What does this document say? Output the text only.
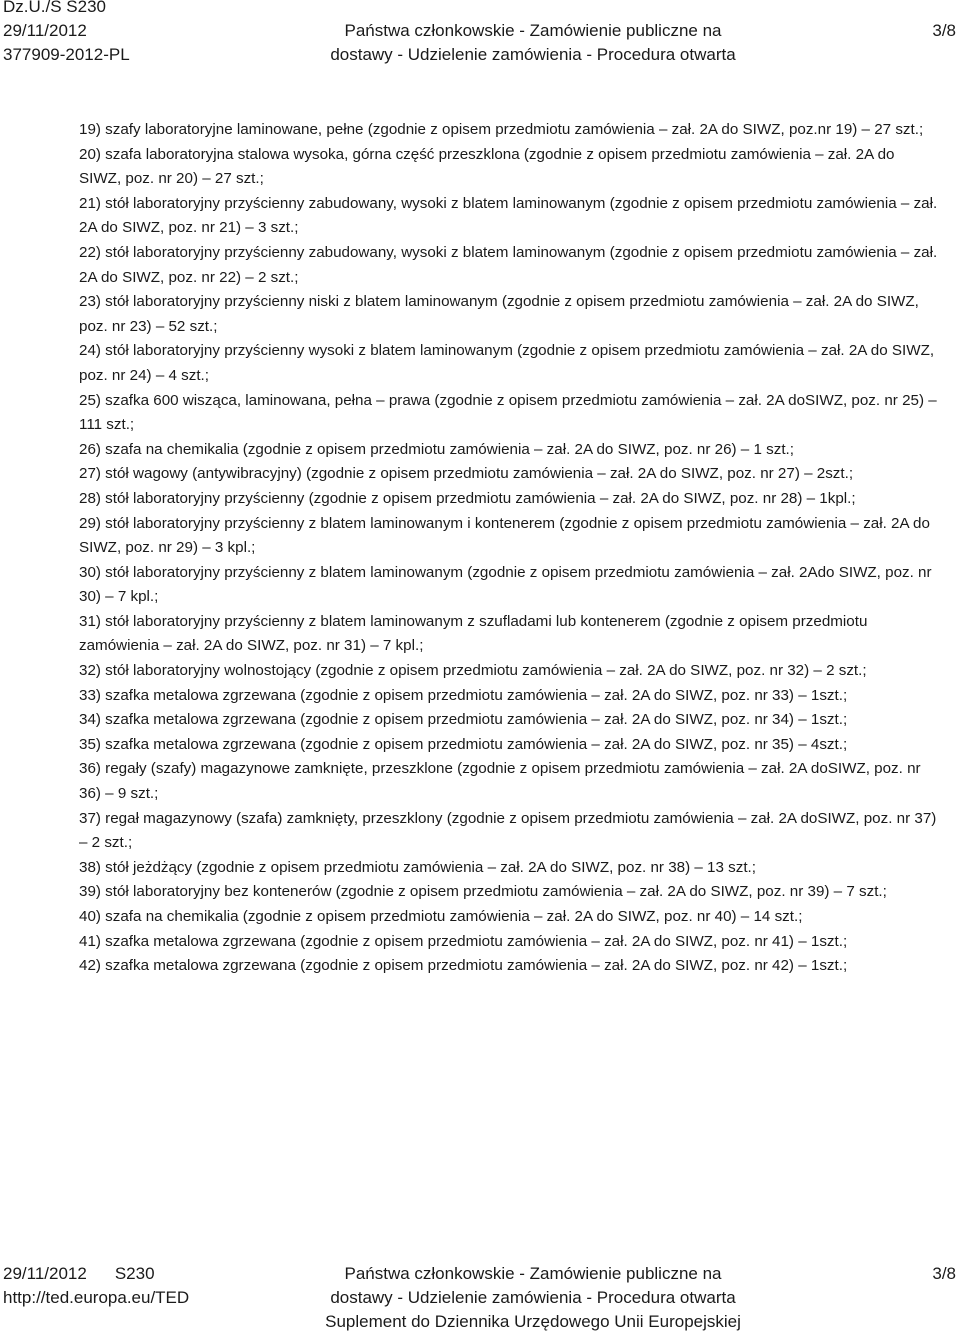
Dz.U./S S230
29/11/2012
377909-2012-PL
Państwa członkowskie - Zamówienie publiczne na
dostawy - Udzielenie zamówienia - Procedura otwarta
3/8

19) szafy laboratoryjne laminowane, pełne (zgodnie z opisem przedmiotu zamówienia – zał. 2A do SIWZ, poz.nr 19) – 27 szt.;

20) szafa laboratoryjna stalowa wysoka, górna część przeszklona (zgodnie z opisem przedmiotu zamówienia – zał. 2A do SIWZ, poz. nr 20) – 27 szt.;

21) stół laboratoryjny przyścienny zabudowany, wysoki z blatem laminowanym (zgodnie z opisem przedmiotu zamówienia – zał. 2A do SIWZ, poz. nr 21) – 3 szt.;

22) stół laboratoryjny przyścienny zabudowany, wysoki z blatem laminowanym (zgodnie z opisem przedmiotu zamówienia – zał. 2A do SIWZ, poz. nr 22) – 2 szt.;

23) stół laboratoryjny przyścienny niski z blatem laminowanym (zgodnie z opisem przedmiotu zamówienia – zał. 2A do SIWZ, poz. nr 23) – 52 szt.;

24) stół laboratoryjny przyścienny wysoki z blatem laminowanym (zgodnie z opisem przedmiotu zamówienia – zał. 2A do SIWZ, poz. nr 24) – 4 szt.;

25) szafka 600 wisząca, laminowana, pełna – prawa (zgodnie z opisem przedmiotu zamówienia – zał. 2A doSIWZ, poz. nr 25) – 111 szt.;

26) szafa na chemikalia (zgodnie z opisem przedmiotu zamówienia – zał. 2A do SIWZ, poz. nr 26) – 1 szt.;

27) stół wagowy (antywibracyjny) (zgodnie z opisem przedmiotu zamówienia – zał. 2A do SIWZ, poz. nr 27) – 2szt.;

28) stół laboratoryjny przyścienny (zgodnie z opisem przedmiotu zamówienia – zał. 2A do SIWZ, poz. nr 28) – 1kpl.;

29) stół laboratoryjny przyścienny z blatem laminowanym i kontenerem (zgodnie z opisem przedmiotu zamówienia – zał. 2A do SIWZ, poz. nr 29) – 3 kpl.;

30) stół laboratoryjny przyścienny z blatem laminowanym (zgodnie z opisem przedmiotu zamówienia – zał. 2Ado SIWZ, poz. nr 30) – 7 kpl.;

31) stół laboratoryjny przyścienny z blatem laminowanym z szufladami lub kontenerem (zgodnie z opisem przedmiotu zamówienia – zał. 2A do SIWZ, poz. nr 31) – 7 kpl.;

32) stół laboratoryjny wolnostojący (zgodnie z opisem przedmiotu zamówienia – zał. 2A do SIWZ, poz. nr 32) – 2 szt.;

33) szafka metalowa zgrzewana (zgodnie z opisem przedmiotu zamówienia – zał. 2A do SIWZ, poz. nr 33) – 1szt.;

34) szafka metalowa zgrzewana (zgodnie z opisem przedmiotu zamówienia – zał. 2A do SIWZ, poz. nr 34) – 1szt.;

35) szafka metalowa zgrzewana (zgodnie z opisem przedmiotu zamówienia – zał. 2A do SIWZ, poz. nr 35) – 4szt.;

36) regały (szafy) magazynowe zamknięte, przeszklone (zgodnie z opisem przedmiotu zamówienia – zał. 2A doSIWZ, poz. nr 36) – 9 szt.;

37) regał magazynowy (szafa) zamknięty, przeszklony (zgodnie z opisem przedmiotu zamówienia – zał. 2A doSIWZ, poz. nr 37) – 2 szt.;

38) stół jeżdżący (zgodnie z opisem przedmiotu zamówienia – zał. 2A do SIWZ, poz. nr 38) – 13 szt.;

39) stół laboratoryjny bez kontenerów (zgodnie z opisem przedmiotu zamówienia – zał. 2A do SIWZ, poz. nr 39) – 7 szt.;

40) szafa na chemikalia (zgodnie z opisem przedmiotu zamówienia – zał. 2A do SIWZ, poz. nr 40) – 14 szt.;

41) szafka metalowa zgrzewana (zgodnie z opisem przedmiotu zamówienia – zał. 2A do SIWZ, poz. nr 41) – 1szt.;

42) szafka metalowa zgrzewana (zgodnie z opisem przedmiotu zamówienia – zał. 2A do SIWZ, poz. nr 42) – 1szt.;

29/11/2012 S230
http://ted.europa.eu/TED
Państwa członkowskie - Zamówienie publiczne na
dostawy - Udzielenie zamówienia - Procedura otwarta
Suplement do Dziennika Urzędowego Unii Europejskiej
3/8
